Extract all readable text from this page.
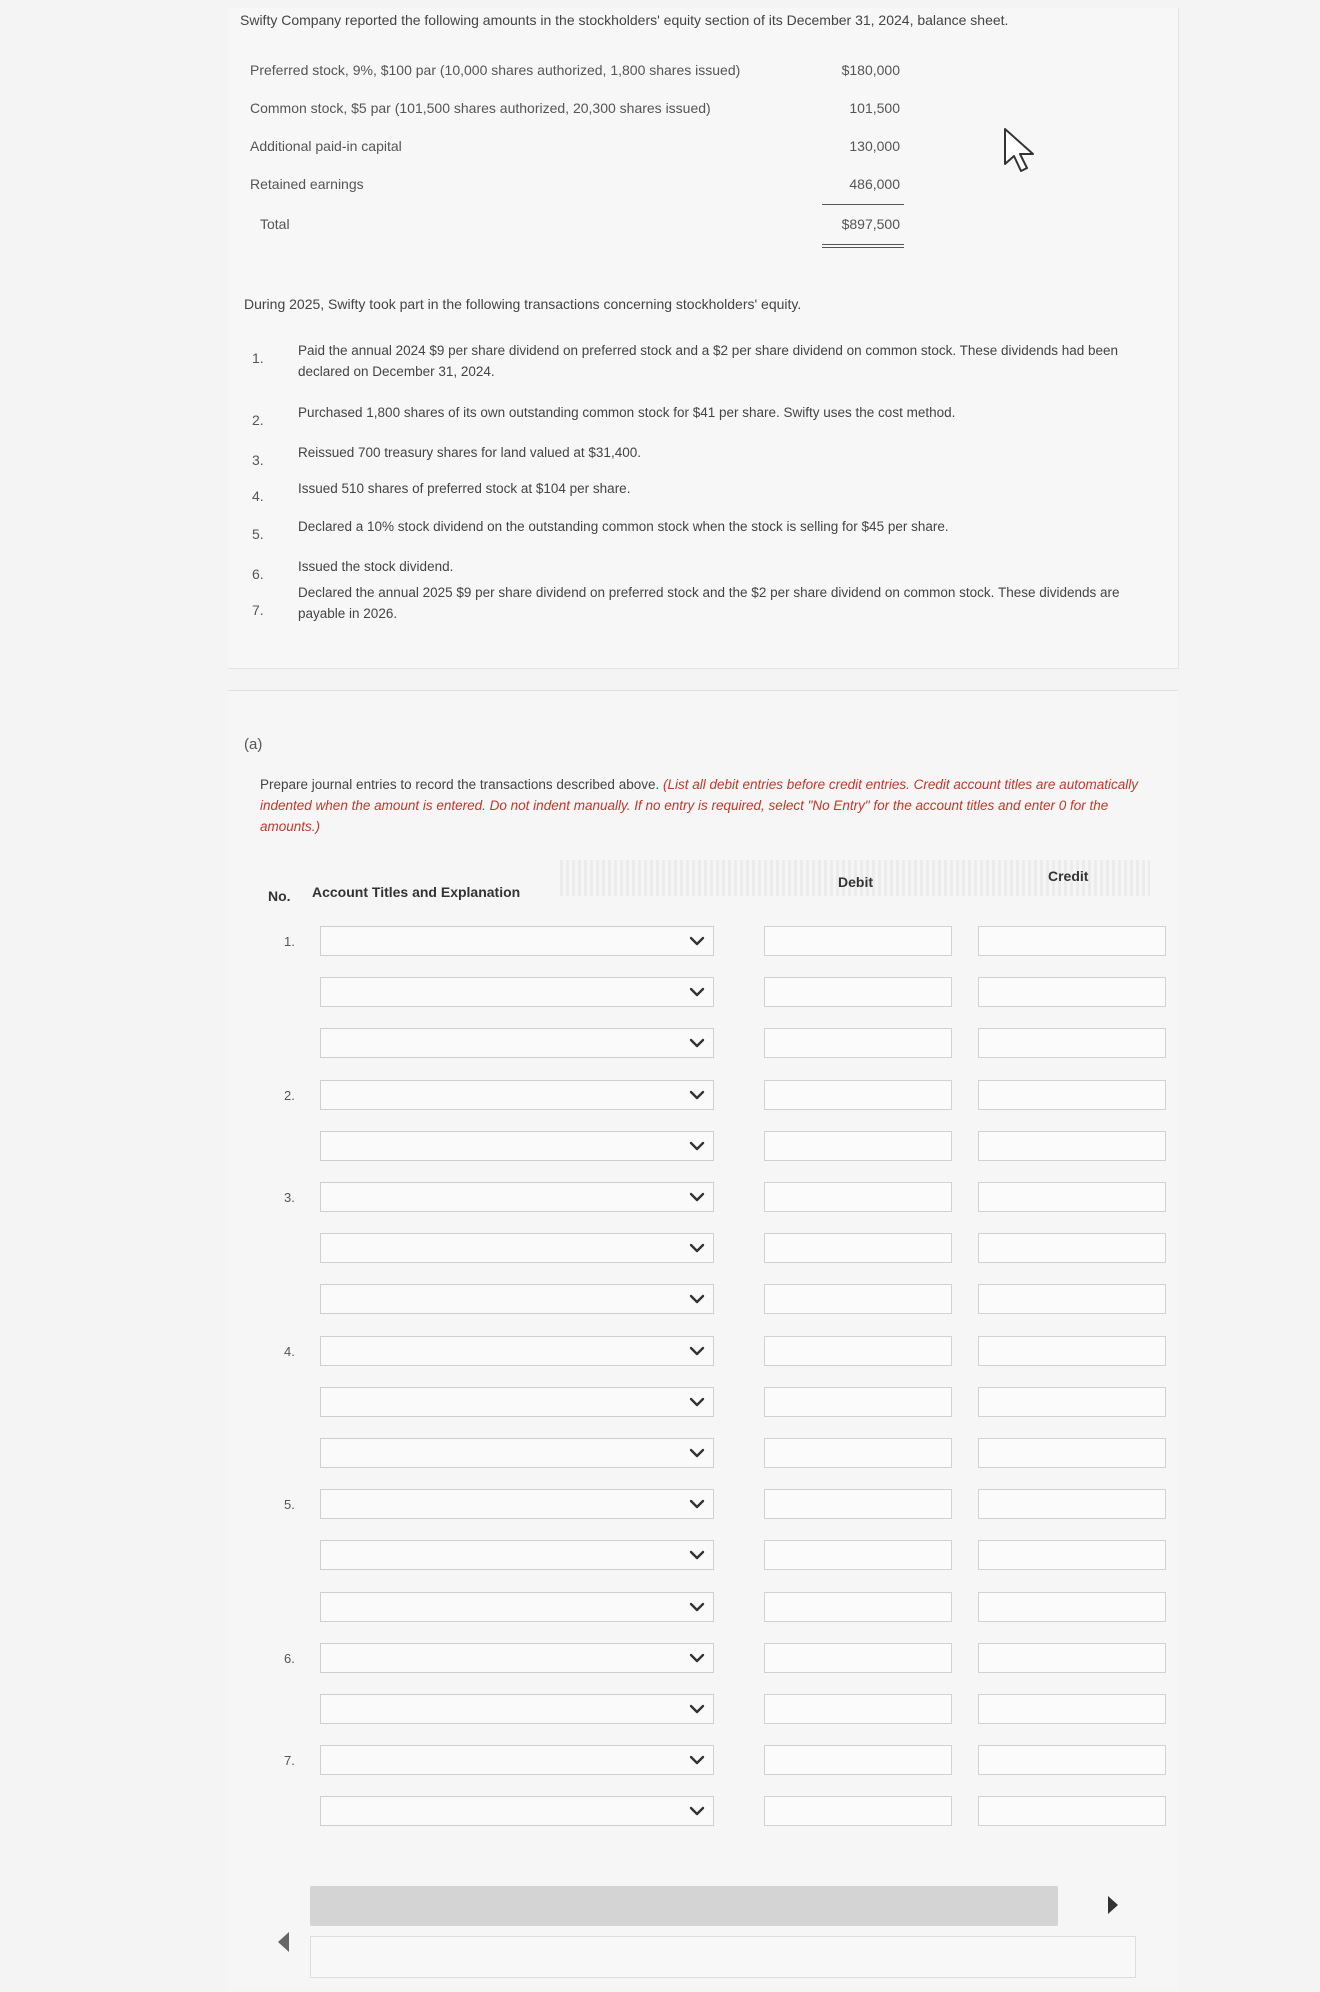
Swifty Company reported the following amounts in the stockholders' equity section of its December 31, 2024, balance sheet.
Preferred stock, 9%, $100 par (10,000 shares authorized, 1,800 shares issued)	$180,000
Common stock, $5 par (101,500 shares authorized, 20,300 shares issued)	101,500
Additional paid-in capital	130,000
Retained earnings	486,000
Total	$897,500
During 2025, Swifty took part in the following transactions concerning stockholders' equity.
1.	Paid the annual 2024 $9 per share dividend on preferred stock and a $2 per share dividend on common stock. These dividends had been declared on December 31, 2024.
2.	Purchased 1,800 shares of its own outstanding common stock for $41 per share. Swifty uses the cost method.
3.	Reissued 700 treasury shares for land valued at $31,400.
4.	Issued 510 shares of preferred stock at $104 per share.
5.	Declared a 10% stock dividend on the outstanding common stock when the stock is selling for $45 per share.
6.	Issued the stock dividend.
7.
Declared the annual 2025 $9 per share dividend on preferred stock and the $2 per share dividend on common stock. These dividends are payable in 2026.
(a)
Prepare journal entries to record the transactions described above. (List all debit entries before credit entries. Credit account titles are automatically indented when the amount is entered. Do not indent manually. If no entry is required, select "No Entry" for the account titles and enter 0 for the amounts.)
No. Account Titles and Explanation
Debit	Credit
1.
2.
3.
4.
5.
6.
7.
